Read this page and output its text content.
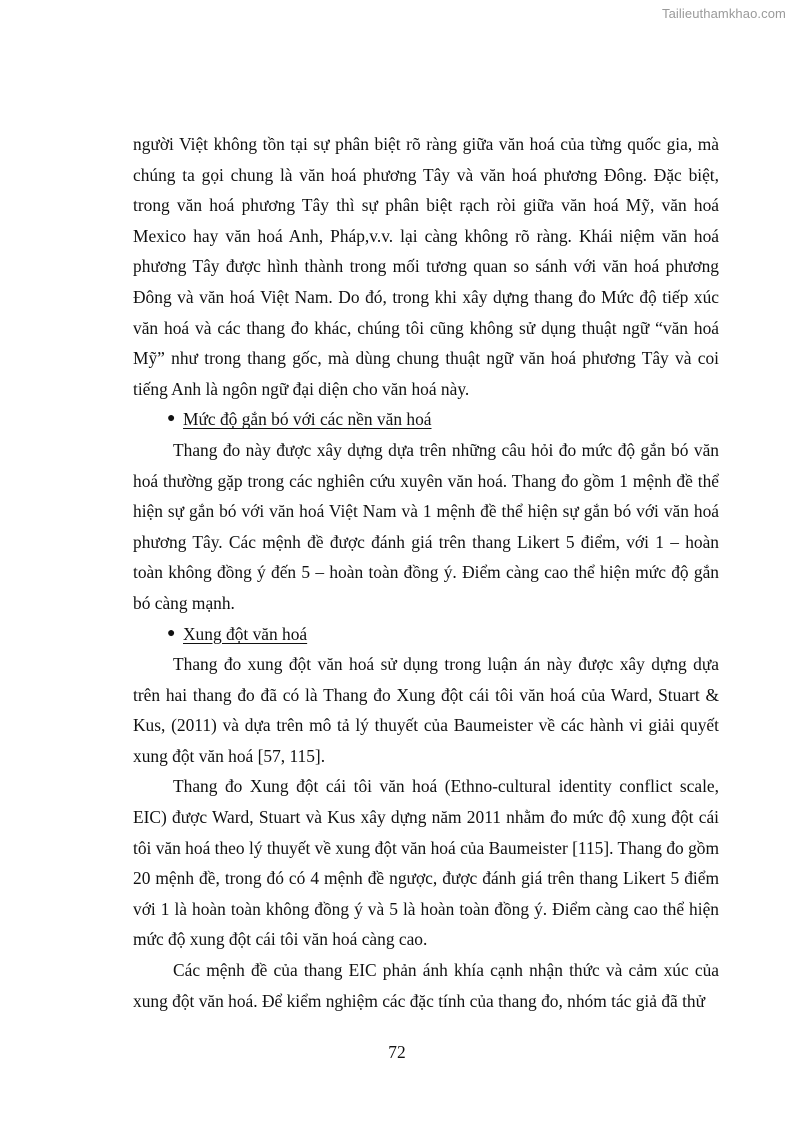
Tailieuthamkhao.com

người Việt không tồn tại sự phân biệt rõ ràng giữa văn hoá của từng quốc gia, mà chúng ta gọi chung là văn hoá phương Tây và văn hoá phương Đông. Đặc biệt, trong văn hoá phương Tây thì sự phân biệt rạch ròi giữa văn hoá Mỹ, văn hoá Mexico hay văn hoá Anh, Pháp,v.v. lại càng không rõ ràng. Khái niệm văn hoá phương Tây được hình thành trong mối tương quan so sánh với văn hoá phương Đông và văn hoá Việt Nam. Do đó, trong khi xây dựng thang đo Mức độ tiếp xúc văn hoá và các thang đo khác, chúng tôi cũng không sử dụng thuật ngữ “văn hoá Mỹ” như trong thang gốc, mà dùng chung thuật ngữ văn hoá phương Tây và coi tiếng Anh là ngôn ngữ đại diện cho văn hoá này.

● Mức độ gắn bó với các nền văn hoá

Thang đo này được xây dựng dựa trên những câu hỏi đo mức độ gắn bó văn hoá thường gặp trong các nghiên cứu xuyên văn hoá. Thang đo gồm 1 mệnh đề thể hiện sự gắn bó với văn hoá Việt Nam và 1 mệnh đề thể hiện sự gắn bó với văn hoá phương Tây. Các mệnh đề được đánh giá trên thang Likert 5 điểm, với 1 – hoàn toàn không đồng ý đến 5 – hoàn toàn đồng ý. Điểm càng cao thể hiện mức độ gắn bó càng mạnh.

● Xung đột văn hoá

Thang đo xung đột văn hoá sử dụng trong luận án này được xây dựng dựa trên hai thang đo đã có là Thang đo Xung đột cái tôi văn hoá của Ward, Stuart & Kus, (2011) và dựa trên mô tả lý thuyết của Baumeister về các hành vi giải quyết xung đột văn hoá [57, 115].

Thang đo Xung đột cái tôi văn hoá (Ethno-cultural identity conflict scale, EIC) được Ward, Stuart và Kus xây dựng năm 2011 nhằm đo mức độ xung đột cái tôi văn hoá theo lý thuyết về xung đột văn hoá của Baumeister [115]. Thang đo gồm 20 mệnh đề, trong đó có 4 mệnh đề ngược, được đánh giá trên thang Likert 5 điểm với 1 là hoàn toàn không đồng ý và 5 là hoàn toàn đồng ý. Điểm càng cao thể hiện mức độ xung đột cái tôi văn hoá càng cao.

Các mệnh đề của thang EIC phản ánh khía cạnh nhận thức và cảm xúc của xung đột văn hoá. Để kiểm nghiệm các đặc tính của thang đo, nhóm tác giả đã thử

72
